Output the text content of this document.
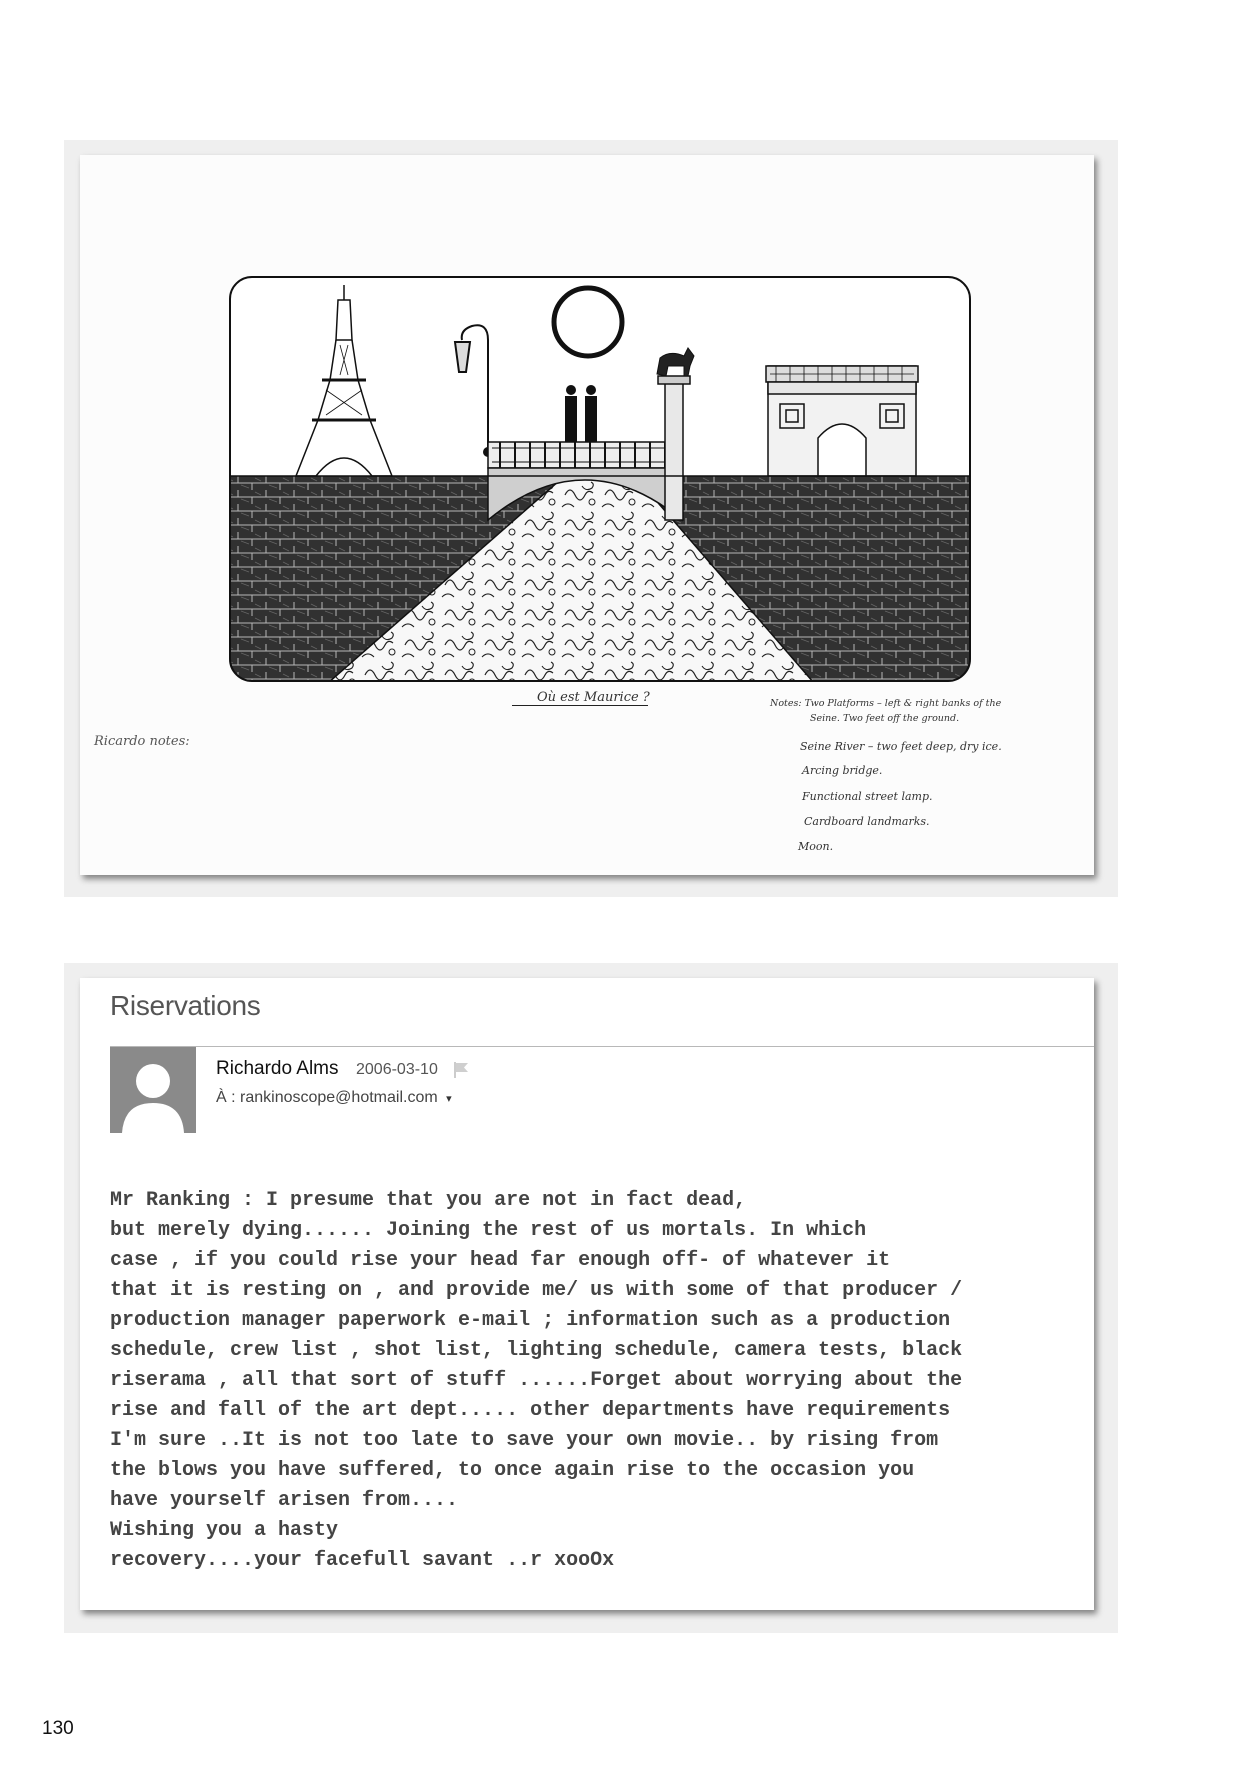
Où est Maurice ?
Ricardo notes:
Notes: Two Platforms – left & right banks of the
Seine. Two feet off the ground.
Seine River – two feet deep, dry ice.
Arcing bridge.
Functional street lamp.
Cardboard landmarks.
Moon.
Riservations
Richardo Alms 2006-03-10
À : rankinoscope@hotmail.com ▾
Mr Ranking : I presume that you are not in fact dead,
but merely dying...... Joining the rest of us mortals. In which
case , if you could rise your head far enough off- of whatever it
that it is resting on , and provide me/ us with some of that producer /
production manager paperwork e-mail ; information such as a production
schedule, crew list , shot list, lighting schedule, camera tests, black
riserama , all that sort of stuff ......Forget about worrying about the
rise and fall of the art dept..... other departments have requirements
I'm sure ..It is not too late to save your own movie.. by rising from
the blows you have suffered, to once again rise to the occasion you
have yourself arisen from....
Wishing you a hasty
recovery....your facefull savant ..r xooOx
130
